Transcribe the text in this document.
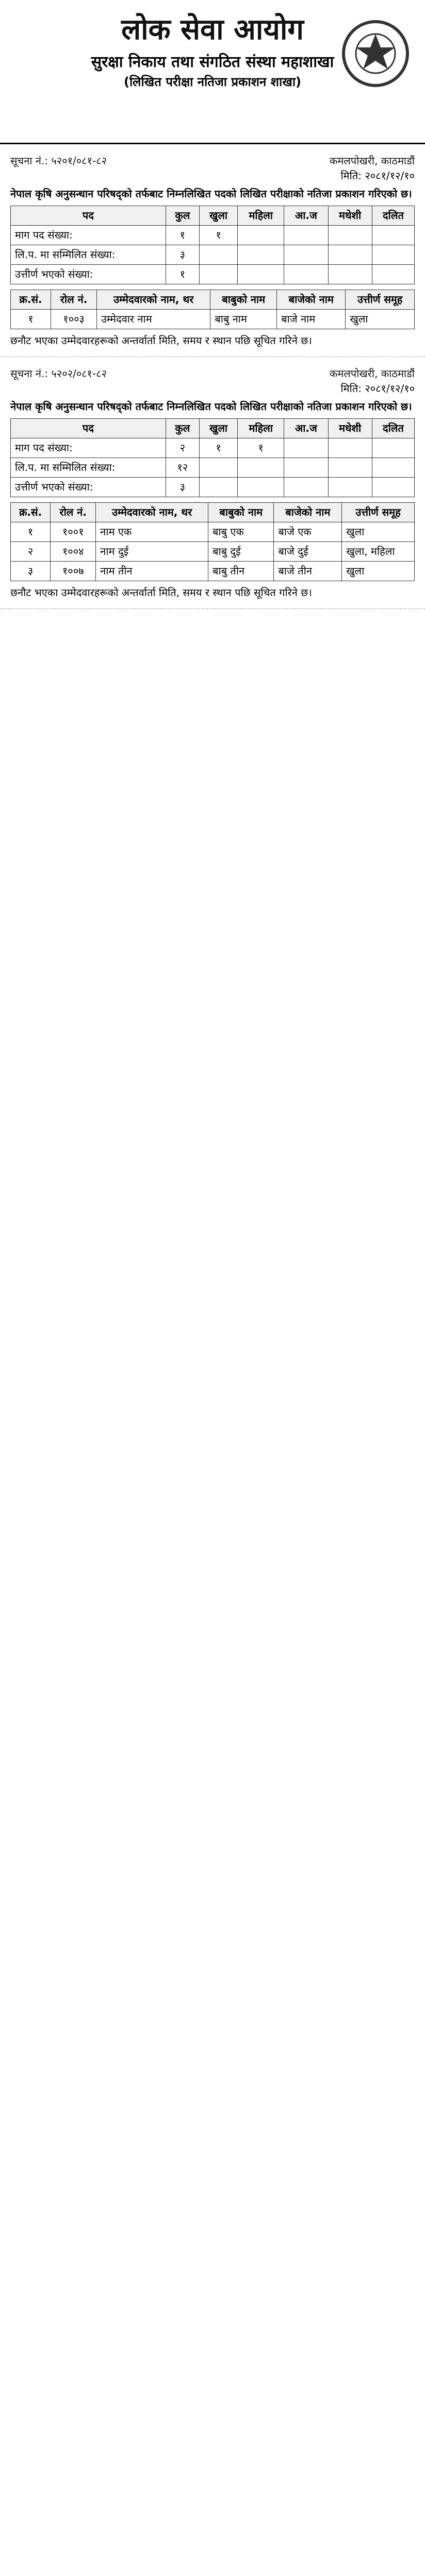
लोक सेवा आयोग
सुरक्षा निकाय तथा संगठित संस्था महाशाखा
(लिखित परीक्षा नतिजा प्रकाशन शाखा)
सूचना नं.: ५२०१/०८१-८२	कमलपोखरी, काठमाडौं
मिति: २०८१/१२/१०
नेपाल कृषि अनुसन्धान परिषद्को तर्फबाट निम्नलिखित पदको लिखित परीक्षाको नतिजा प्रकाशन गरिएको छ।
पद	कुल	खुला	महिला	आ.ज	मधेशी	दलित
माग पद संख्या:	१	१				
लि.प. मा सम्मिलित संख्या:	३					
उत्तीर्ण भएको संख्या:	१					
क्र.सं.	रोल नं.	उम्मेदवारको नाम, थर	बाबुको नाम	बाजेको नाम	उत्तीर्ण समूह
१	१००३	उम्मेदवार नाम	बाबु नाम	बाजे नाम	खुला
छनौट भएका उम्मेदवारहरूको अन्तर्वार्ता मिति, समय र स्थान पछि सूचित गरिने छ।
सूचना नं.: ५२०२/०८१-८२	कमलपोखरी, काठमाडौं
मिति: २०८१/१२/१०
नेपाल कृषि अनुसन्धान परिषद्को तर्फबाट निम्नलिखित पदको लिखित परीक्षाको नतिजा प्रकाशन गरिएको छ।
पद	कुल	खुला	महिला	आ.ज	मधेशी	दलित
माग पद संख्या:	२	१	१			
लि.प. मा सम्मिलित संख्या:	१२					
उत्तीर्ण भएको संख्या:	३					
क्र.सं.	रोल नं.	उम्मेदवारको नाम, थर	बाबुको नाम	बाजेको नाम	उत्तीर्ण समूह
१	१००१	नाम एक	बाबु एक	बाजे एक	खुला
२	१००४	नाम दुई	बाबु दुई	बाजे दुई	खुला, महिला
३	१००७	नाम तीन	बाबु तीन	बाजे तीन	खुला
छनौट भएका उम्मेदवारहरूको अन्तर्वार्ता मिति, समय र स्थान पछि सूचित गरिने छ।
